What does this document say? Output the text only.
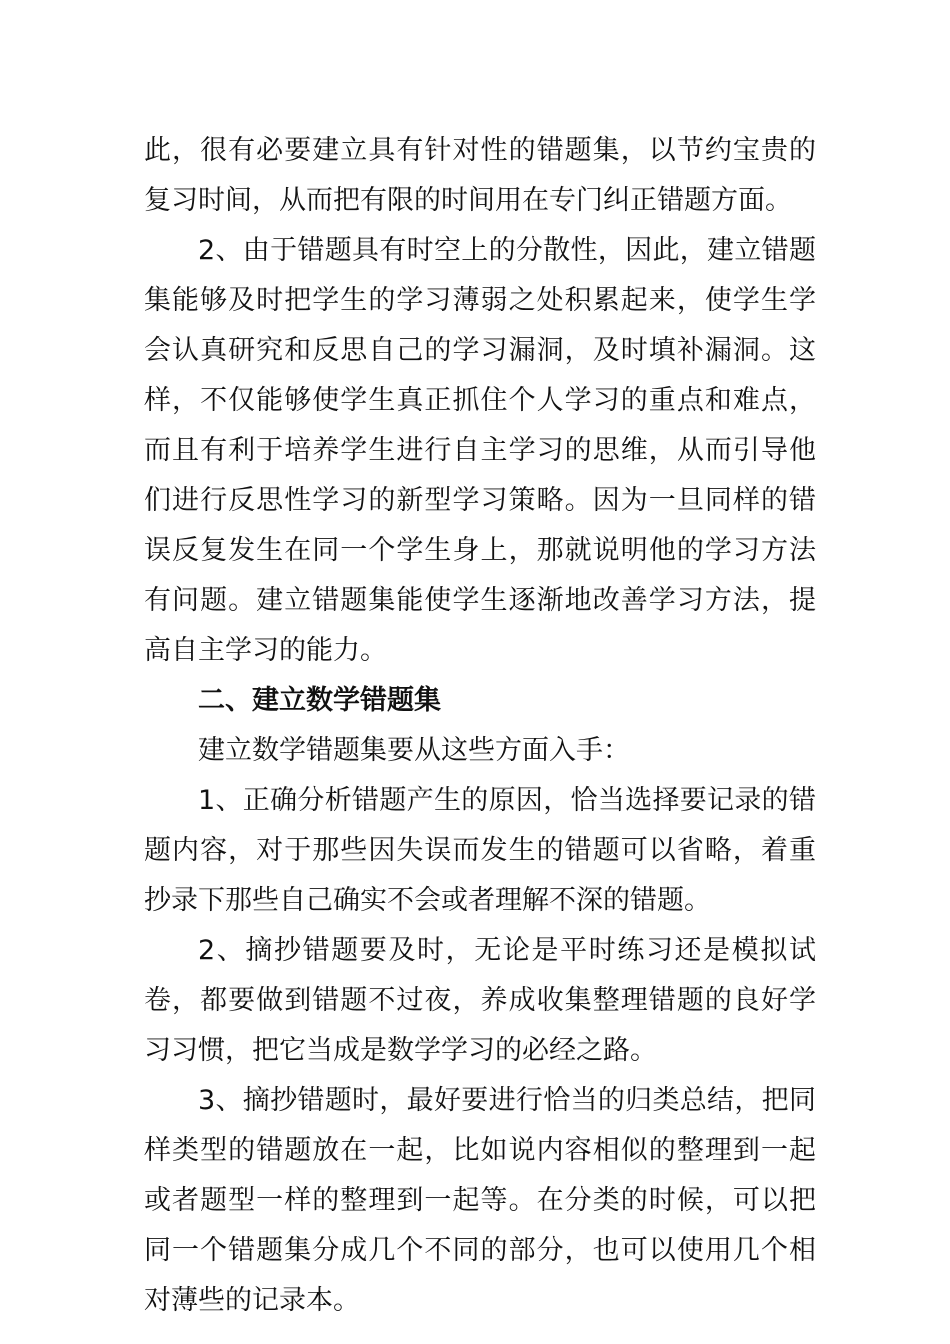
此，很有必要建立具有针对性的错题集，以节约宝贵的复习时间，从而把有限的时间用在专门纠正错题方面。

2、由于错题具有时空上的分散性，因此，建立错题集能够及时把学生的学习薄弱之处积累起来，使学生学会认真研究和反思自己的学习漏洞，及时填补漏洞。这样，不仅能够使学生真正抓住个人学习的重点和难点，而且有利于培养学生进行自主学习的思维，从而引导他们进行反思性学习的新型学习策略。因为一旦同样的错误反复发生在同一个学生身上，那就说明他的学习方法有问题。建立错题集能使学生逐渐地改善学习方法，提高自主学习的能力。

二、建立数学错题集

建立数学错题集要从这些方面入手：

1、正确分析错题产生的原因，恰当选择要记录的错题内容，对于那些因失误而发生的错题可以省略，着重抄录下那些自己确实不会或者理解不深的错题。

2、摘抄错题要及时，无论是平时练习还是模拟试卷，都要做到错题不过夜，养成收集整理错题的良好学习习惯，把它当成是数学学习的必经之路。

3、摘抄错题时，最好要进行恰当的归类总结，把同样类型的错题放在一起，比如说内容相似的整理到一起或者题型一样的整理到一起等。在分类的时候，可以把同一个错题集分成几个不同的部分，也可以使用几个相对薄些的记录本。
